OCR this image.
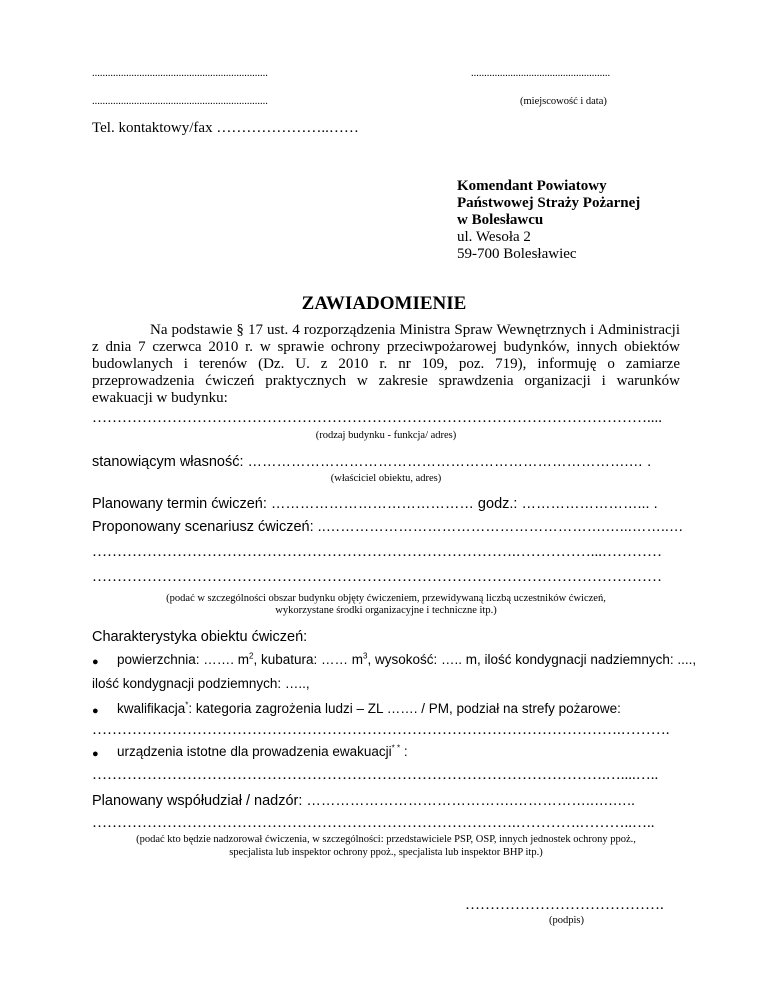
...................................................................
...................................................................
.....................................................
(miejscowość i data)
Tel. kontaktowy/fax …………………..……
Komendant Powiatowy
Państwowej Straży Pożarnej
w Bolesławcu
ul. Wesoła 2
59-700 Bolesławiec
ZAWIADOMIENIE
Na podstawie § 17 ust. 4 rozporządzenia Ministra Spraw Wewnętrznych i Administracji z dnia 7 czerwca 2010 r. w sprawie ochrony przeciwpożarowej budynków, innych obiektów budowlanych i terenów (Dz. U. z 2010 r. nr 109, poz. 719), informuję o zamiarze przeprowadzenia ćwiczeń praktycznych w zakresie sprawdzenia organizacji i warunków ewakuacji w budynku:
…………………………………………………………………………………………………....
(rodzaj budynku - funkcja/ adres)
stanowiącym własność: …………………………………………………………………….… .
(właściciel obiektu, adres)
Planowany termin ćwiczeń: …………………………………… godz.: ……………………... .
Proponowany scenariusz ćwiczeń: ..………………………………………………….…...……..…
………………………………………………………………………….……………...…………
……………………………………………………………………………………………………
(podać w szczególności obszar budynku objęty ćwiczeniem, przewidywaną liczbą uczestników ćwiczeń,
wykorzystane środki organizacyjne i techniczne itp.)
Charakterystyka obiektu ćwiczeń:
● powierzchnia: ……. $m^2$, kubatura: …… $m^3$, wysokość: ….. m, ilość kondygnacji nadziemnych: ....,
ilość kondygnacji podziemnych: …..,
● kwalifikacja*: kategoria zagrożenia ludzi – ZL ……. / PM, podział na strefy pożarowe:
…………………………………………………………………………………………….……….
● urządzenia istotne dla prowadzenia ewakuacji* * :
………………………………………………………………………………………….…....…..
Planowany współudział / nadzór: …………………………………….……………..….…..
………………………………………………………………………….………….………..…..
(podać kto będzie nadzorował ćwiczenia, w szczególności: przedstawiciele PSP, OSP, innych jednostek ochrony ppoż.,
specjalista lub inspektor ochrony ppoż., specjalista lub inspektor BHP itp.)
………………………………….
(podpis)
